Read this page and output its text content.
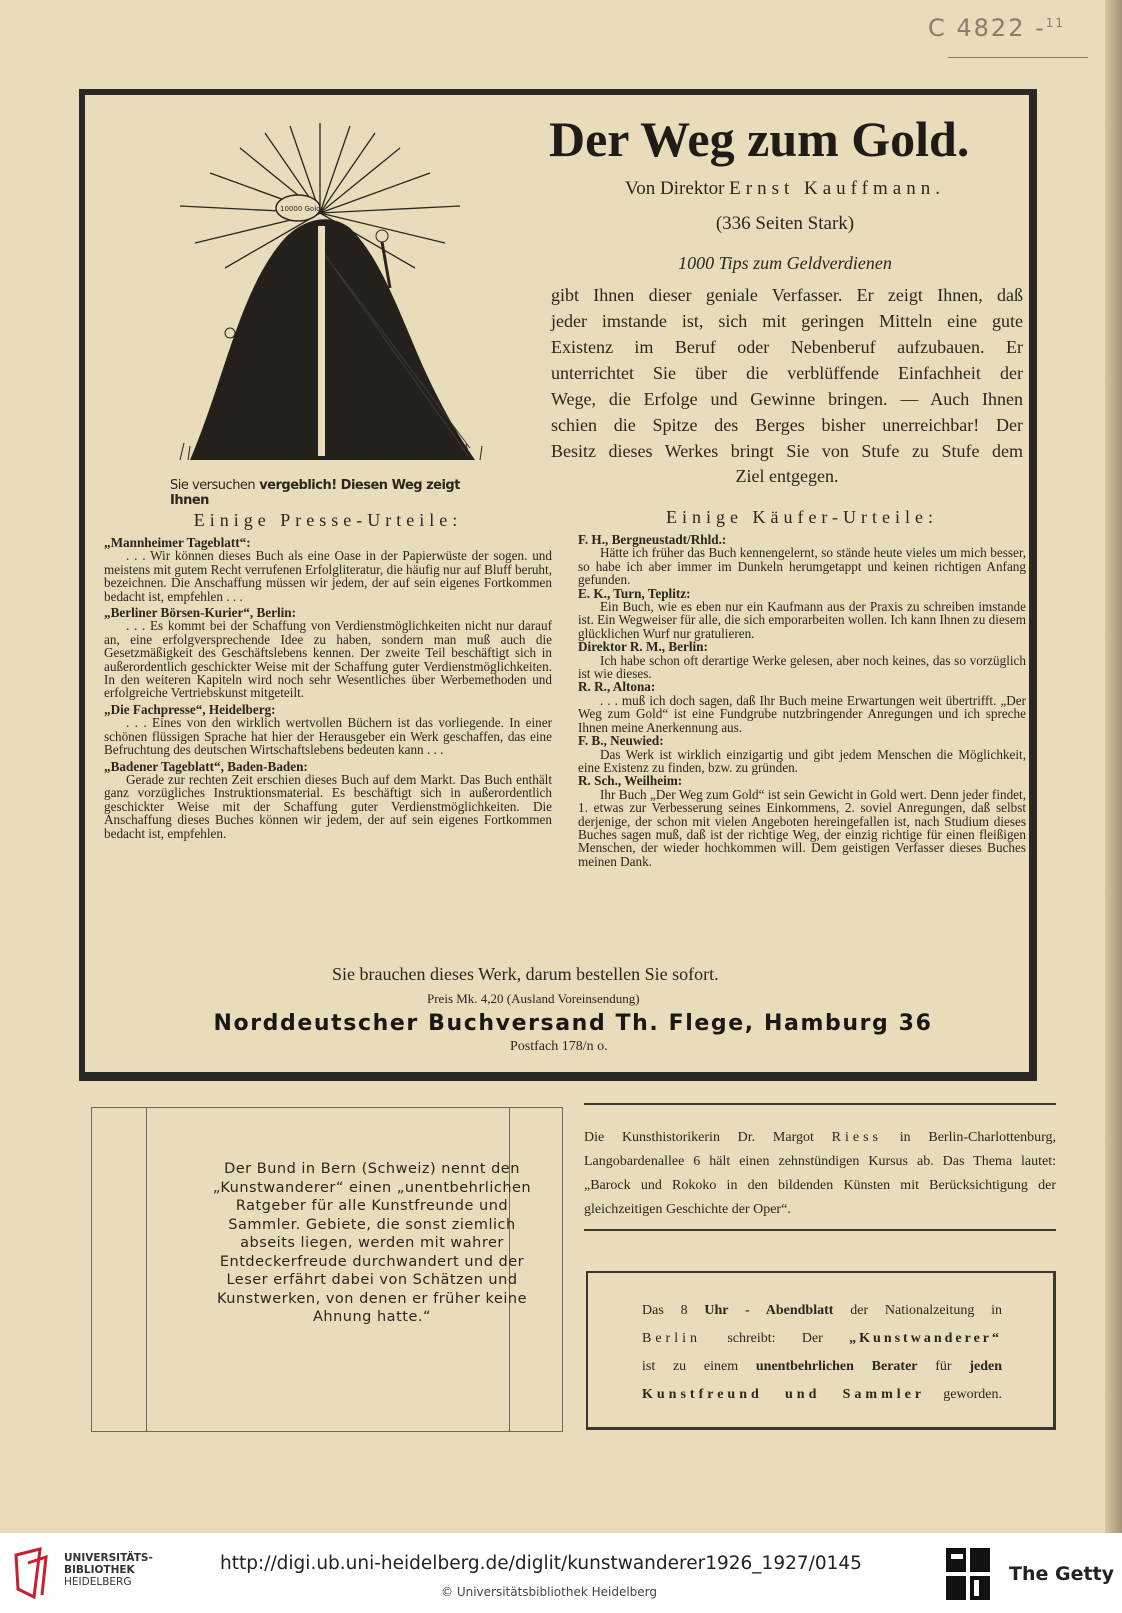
C 4822 -$^{11}$
10000 Gold
Sie versuchen vergeblich! Diesen Weg zeigt Ihnen
Der Weg zum Gold.
Von Direktor Ernst Kauffmann.
(336 Seiten Stark)
1000 Tips zum Geldverdienen
gibt Ihnen dieser geniale Verfasser. Er zeigt Ihnen, daß
jeder imstande ist, sich mit geringen Mitteln eine gute
Existenz im Beruf oder Nebenberuf aufzubauen. Er
unterrichtet Sie über die verblüffende Einfachheit der
Wege, die Erfolge und Gewinne bringen. — Auch Ihnen
schien die Spitze des Berges bisher unerreichbar! Der
Besitz dieses Werkes bringt Sie von Stufe zu Stufe dem
Ziel entgegen.
Einige Presse-Urteile:

„Mannheimer Tageblatt“:

. . . Wir können dieses Buch als eine Oase in der Papierwüste der sogen. und meistens mit gutem Recht verrufenen Erfolgliteratur, die häufig nur auf Bluff beruht, bezeichnen. Die Anschaffung müssen wir jedem, der auf sein eigenes Fortkommen bedacht ist, empfehlen . . .

„Berliner Börsen-Kurier“, Berlin:

. . . Es kommt bei der Schaffung von Verdienstmöglichkeiten nicht nur darauf an, eine erfolgversprechende Idee zu haben, sondern man muß auch die Gesetzmäßigkeit des Geschäftslebens kennen. Der zweite Teil beschäftigt sich in außerordentlich geschickter Weise mit der Schaffung guter Verdienstmöglichkeiten. In den weiteren Kapiteln wird noch sehr Wesentliches über Werbemethoden und erfolgreiche Vertriebskunst mitgeteilt.

„Die Fachpresse“, Heidelberg:

. . . Eines von den wirklich wertvollen Büchern ist das vorliegende. In einer schönen flüssigen Sprache hat hier der Herausgeber ein Werk geschaffen, das eine Befruchtung des deutschen Wirtschaftslebens bedeuten kann . . .

„Badener Tageblatt“, Baden-Baden:

Gerade zur rechten Zeit erschien dieses Buch auf dem Markt. Das Buch enthält ganz vorzügliches Instruktionsmaterial. Es beschäftigt sich in außerordentlich geschickter Weise mit der Schaffung guter Verdienstmöglichkeiten. Die Anschaffung dieses Buches können wir jedem, der auf sein eigenes Fortkommen bedacht ist, empfehlen.

Einige Käufer-Urteile:

F. H., Bergneustadt/Rhld.:

Hätte ich früher das Buch kennengelernt, so stände heute vieles um mich besser, so habe ich aber immer im Dunkeln herumgetappt und keinen richtigen Anfang gefunden.

E. K., Turn, Teplitz:

Ein Buch, wie es eben nur ein Kaufmann aus der Praxis zu schreiben imstande ist. Ein Wegweiser für alle, die sich emporarbeiten wollen. Ich kann Ihnen zu diesem glücklichen Wurf nur gratulieren.

Direktor R. M., Berlin:

Ich habe schon oft derartige Werke gelesen, aber noch keines, das so vorzüglich ist wie dieses.

R. R., Altona:

. . . muß ich doch sagen, daß Ihr Buch meine Erwartungen weit übertrifft. „Der Weg zum Gold“ ist eine Fundgrube nutzbringender Anregungen und ich spreche Ihnen meine Anerkennung aus.

F. B., Neuwied:

Das Werk ist wirklich einzigartig und gibt jedem Menschen die Möglichkeit, eine Existenz zu finden, bzw. zu gründen.

R. Sch., Weilheim:

Ihr Buch „Der Weg zum Gold“ ist sein Gewicht in Gold wert. Denn jeder findet, 1. etwas zur Verbesserung seines Einkommens, 2. soviel Anregungen, daß selbst derjenige, der schon mit vielen Angeboten hereingefallen ist, nach Studium dieses Buches sagen muß, daß ist der richtige Weg, der einzig richtige für einen fleißigen Menschen, der wieder hochkommen will. Dem geistigen Verfasser dieses Buches meinen Dank.

Sie brauchen dieses Werk, darum bestellen Sie sofort.
Preis Mk. 4,20 (Ausland Voreinsendung)
Norddeutscher Buchversand Th. Flege, Hamburg 36
Postfach 178/n o.
Der Bund in Bern (Schweiz) nennt den „Kunstwanderer“ einen „unentbehrlichen Ratgeber für alle Kunstfreunde und Sammler. Gebiete, die sonst ziemlich abseits liegen, werden mit wahrer Entdeckerfreude durchwandert und der Leser erfährt dabei von Schätzen und Kunstwerken, von denen er früher keine Ahnung hatte.“
Die Kunsthistorikerin Dr. Margot Riess in Berlin-Charlottenburg, Langobardenallee 6 hält einen zehnstündigen Kursus ab. Das Thema lautet: „Barock und Rokoko in den bildenden Künsten mit Berücksichtigung der gleichzeitigen Geschichte der Oper“.
Das 8 Uhr - Abendblatt der Nationalzeitung in
Berlin schreibt: Der „Kunstwanderer“
ist zu einem unentbehrlichen Berater für jeden
Kunstfreund und Sammler geworden.
UNIVERSITÄTS-
BIBLIOTHEK
HEIDELBERG
http://digi.ub.uni-heidelberg.de/diglit/kunstwanderer1926_1927/0145
© Universitätsbibliothek Heidelberg
The Getty
